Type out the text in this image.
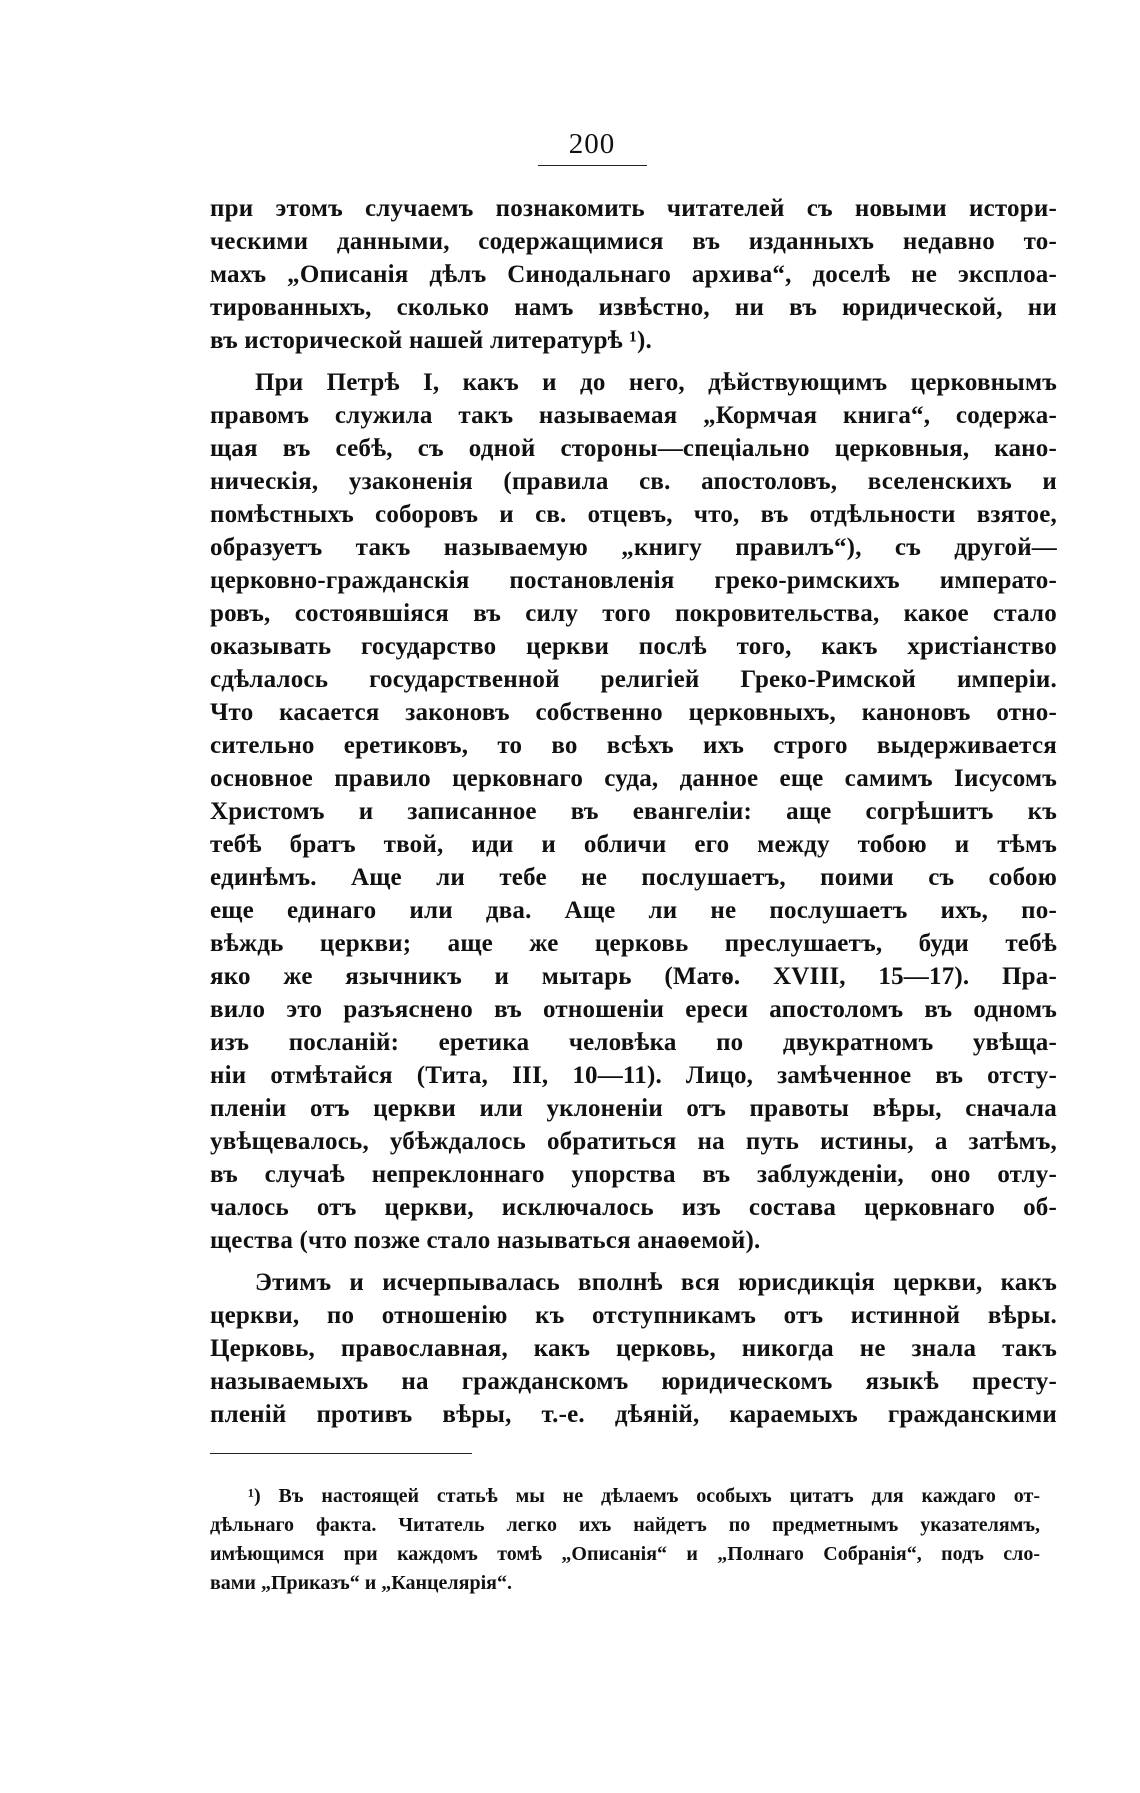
200
при этомъ случаемъ познакомить читателей съ новыми истори-
ческими данными, содержащимися въ изданныхъ недавно то-
махъ „Описанія дѣлъ Синодальнаго архива“, доселѣ не эксплоа-
тированныхъ, сколько намъ извѣстно, ни въ юридической, ни
въ исторической нашей литературѣ ¹).
При Петрѣ I, какъ и до него, дѣйствующимъ церковнымъ
правомъ служила такъ называемая „Кормчая книга“, содержа-
щая въ себѣ, съ одной стороны—спеціально церковныя, кано-
ническія, узаконенія (правила св. апостоловъ, вселенскихъ и
помѣстныхъ соборовъ и св. отцевъ, что, въ отдѣльности взятое,
образуетъ такъ называемую „книгу правилъ“), съ другой—
церковно-гражданскія постановленія греко-римскихъ императо-
ровъ, состоявшіяся въ силу того покровительства, какое стало
оказывать государство церкви послѣ того, какъ христіанство
сдѣлалось государственной религіей Греко-Римской имперіи.
Что касается законовъ собственно церковныхъ, каноновъ отно-
сительно еретиковъ, то во всѣхъ ихъ строго выдерживается
основное правило церковнаго суда, данное еще самимъ Іисусомъ
Христомъ и записанное въ евангеліи: аще согрѣшитъ къ
тебѣ братъ твой, иди и обличи его между тобою и тѣмъ
единѣмъ. Аще ли тебе не послушаетъ, поими съ собою
еще единаго или два. Аще ли не послушаетъ ихъ, по-
вѣждь церкви; аще же церковь преслушаетъ, буди тебѣ
яко же язычникъ и мытарь (Матѳ. XVIII, 15—17). Пра-
вило это разъяснено въ отношеніи ереси апостоломъ въ одномъ
изъ посланій: еретика человѣка по двукратномъ увѣща-
ніи отмѣтайся (Тита, III, 10—11). Лицо, замѣченное въ отсту-
пленіи отъ церкви или уклоненіи отъ правоты вѣры, сначала
увѣщевалось, убѣждалось обратиться на путь истины, а затѣмъ,
въ случаѣ непреклоннаго упорства въ заблужденіи, оно отлу-
чалось отъ церкви, исключалось изъ состава церковнаго об-
щества (что позже стало называться анаѳемой).
Этимъ и исчерпывалась вполнѣ вся юрисдикція церкви, какъ
церкви, по отношенію къ отступникамъ отъ истинной вѣры.
Церковь, православная, какъ церковь, никогда не знала такъ
называемыхъ на гражданскомъ юридическомъ языкѣ престу-
пленій противъ вѣры, т.-е. дѣяній, караемыхъ гражданскими
¹) Въ настоящей статьѣ мы не дѣлаемъ особыхъ цитатъ для каждаго от-
дѣльнаго факта. Читатель легко ихъ найдетъ по предметнымъ указателямъ,
имѣющимся при каждомъ томѣ „Описанія“ и „Полнаго Собранія“, подъ сло-
вами „Приказъ“ и „Канцелярія“.
